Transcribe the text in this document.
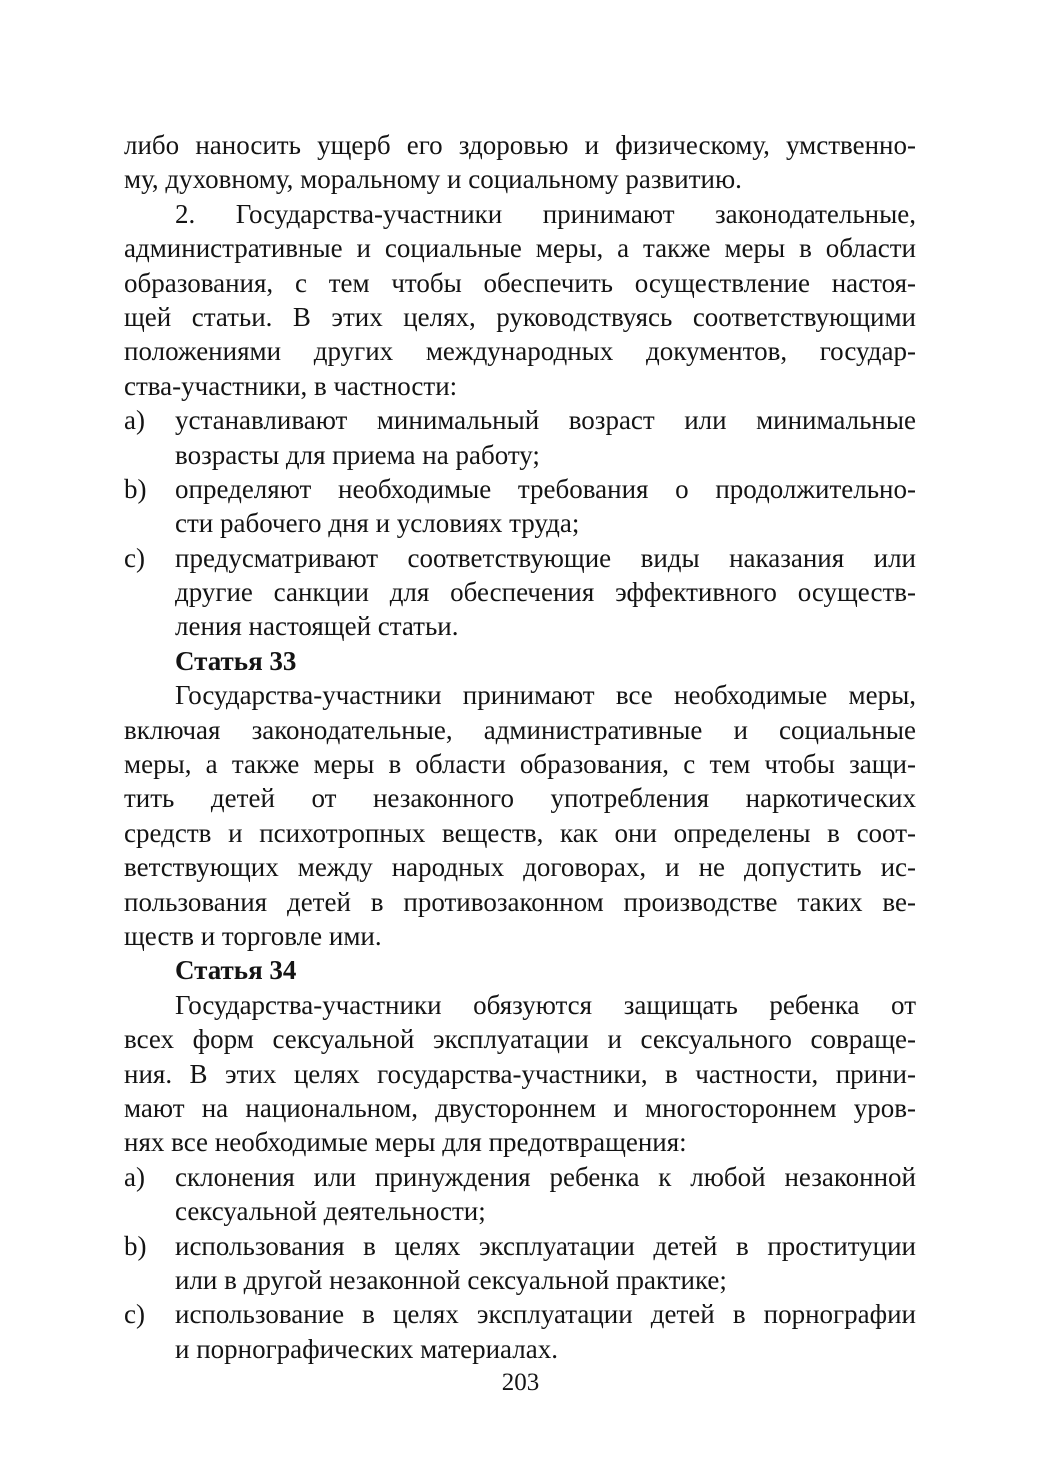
либо наносить ущерб его здоровью и физическому, умственно-
му, духовному, моральному и социальному развитию.
2. Государства-участники принимают законодательные,
административные и социальные меры, а также меры в области
образования, с тем чтобы обеспечить осуществление настоя-
щей статьи. В этих целях, руководствуясь соответствующими
положениями других международных документов, государ-
ства-участники, в частности:
a) устанавливают минимальный возраст или минимальные
возрасты для приема на работу;
b) определяют необходимые требования о продолжительно-
сти рабочего дня и условиях труда;
c) предусматривают соответствующие виды наказания или
другие санкции для обеспечения эффективного осуществ-
ления настоящей статьи.
Статья 33
Государства-участники принимают все необходимые меры,
включая законодательные, административные и социальные
меры, а также меры в области образования, с тем чтобы защи-
тить детей от незаконного употребления наркотических
средств и психотропных веществ, как они определены в соот-
ветствующих между народных договорах, и не допустить ис-
пользования детей в противозаконном производстве таких ве-
ществ и торговле ими.
Статья 34
Государства-участники обязуются защищать ребенка от
всех форм сексуальной эксплуатации и сексуального совраще-
ния. В этих целях государства-участники, в частности, прини-
мают на национальном, двустороннем и многостороннем уров-
нях все необходимые меры для предотвращения:
a) склонения или принуждения ребенка к любой незаконной
сексуальной деятельности;
b) использования в целях эксплуатации детей в проституции
или в другой незаконной сексуальной практике;
c) использование в целях эксплуатации детей в порнографии
и порнографических материалах.
203
